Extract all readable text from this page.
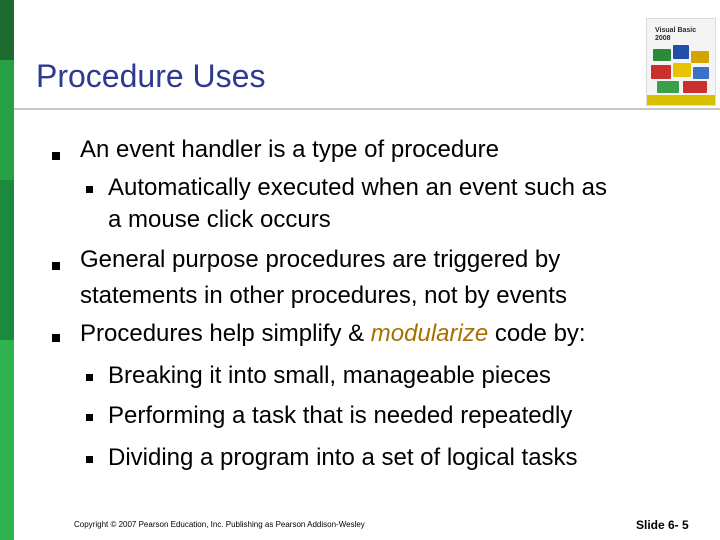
Procedure Uses
Visual Basic 2008
An event handler is a type of procedure
Automatically executed when an event such as
a mouse click occurs
General purpose procedures are triggered by
statements in other procedures, not by events
Procedures help simplify & modularize code by:
Breaking it into small, manageable pieces
Performing a task that is needed repeatedly
Dividing a program into a set of logical tasks
Copyright © 2007 Pearson Education, Inc. Publishing as Pearson Addison-Wesley	Slide 6- 5
